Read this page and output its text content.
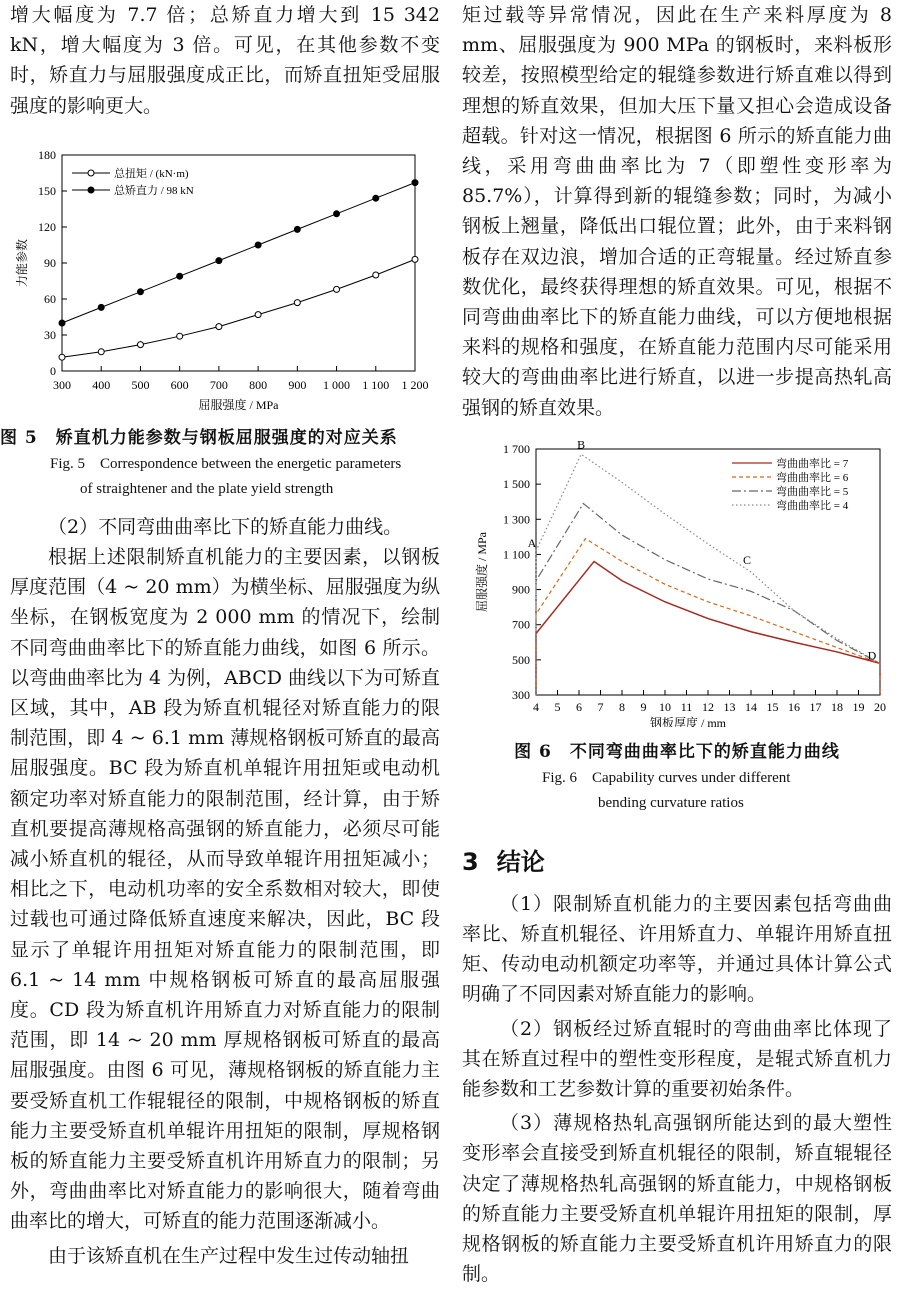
增大幅度为 7.7 倍；总矫直力增大到 15 342 kN，增大幅度为 3 倍。可见，在其他参数不变时，矫直力与屈服强度成正比，而矫直扭矩受屈服强度的影响更大。

0
30
60
90
120
150
180
300 400 500 600 700 800 900 1 000 1 100 1 200
屈服强度 / MPa
力能参数
总扭矩 / (kN·m)
总矫直力 / 98 kN
图 5　矫直机力能参数与钢板屈服强度的对应关系
Fig. 5　Correspondence between the energetic parameters
of straightener and the plate yield strength

（2）不同弯曲曲率比下的矫直能力曲线。

根据上述限制矫直机能力的主要因素，以钢板厚度范围（4 ~ 20 mm）为横坐标、屈服强度为纵坐标，在钢板宽度为 2 000 mm 的情况下，绘制不同弯曲曲率比下的矫直能力曲线，如图 6 所示。以弯曲曲率比为 4 为例，ABCD 曲线以下为可矫直区域，其中，AB 段为矫直机辊径对矫直能力的限制范围，即 4 ~ 6.1 mm 薄规格钢板可矫直的最高屈服强度。BC 段为矫直机单辊许用扭矩或电动机额定功率对矫直能力的限制范围，经计算，由于矫直机要提高薄规格高强钢的矫直能力，必须尽可能减小矫直机的辊径，从而导致单辊许用扭矩减小；相比之下，电动机功率的安全系数相对较大，即使过载也可通过降低矫直速度来解决，因此，BC 段显示了单辊许用扭矩对矫直能力的限制范围，即 6.1 ~ 14 mm 中规格钢板可矫直的最高屈服强度。CD 段为矫直机许用矫直力对矫直能力的限制范围，即 14 ~ 20 mm 厚规格钢板可矫直的最高屈服强度。由图 6 可见，薄规格钢板的矫直能力主要受矫直机工作辊辊径的限制，中规格钢板的矫直能力主要受矫直机单辊许用扭矩的限制，厚规格钢板的矫直能力主要受矫直机许用矫直力的限制；另外，弯曲曲率比对矫直能力的影响很大，随着弯曲曲率比的增大，可矫直的能力范围逐渐减小。

由于该矫直机在生产过程中发生过传动轴扭

矩过载等异常情况，因此在生产来料厚度为 8 mm、屈服强度为 900 MPa 的钢板时，来料板形较差，按照模型给定的辊缝参数进行矫直难以得到理想的矫直效果，但加大压下量又担心会造成设备超载。针对这一情况，根据图 6 所示的矫直能力曲线，采用弯曲曲率比为 7（即塑性变形率为 85.7%），计算得到新的辊缝参数；同时，为减小钢板上翘量，降低出口辊位置；此外，由于来料钢板存在双边浪，增加合适的正弯辊量。经过矫直参数优化，最终获得理想的矫直效果。可见，根据不同弯曲曲率比下的矫直能力曲线，可以方便地根据来料的规格和强度，在矫直能力范围内尽可能采用较大的弯曲曲率比进行矫直，以进一步提高热轧高强钢的矫直效果。

300
500
700
900
1 100
1 300
1 500
1 700
4 5 6 7 8 9 10 11 12 13 14 15 16 17 18 19 20
钢板厚度 / mm
屈服强度 / MPa
弯曲曲率比 = 7
弯曲曲率比 = 6
弯曲曲率比 = 5
弯曲曲率比 = 4
A
B
C
D
图 6　不同弯曲曲率比下的矫直能力曲线
Fig. 6　Capability curves under different
bending curvature ratios
3 结论

（1）限制矫直机能力的主要因素包括弯曲曲率比、矫直机辊径、许用矫直力、单辊许用矫直扭矩、传动电动机额定功率等，并通过具体计算公式明确了不同因素对矫直能力的影响。

（2）钢板经过矫直辊时的弯曲曲率比体现了其在矫直过程中的塑性变形程度，是辊式矫直机力能参数和工艺参数计算的重要初始条件。

（3）薄规格热轧高强钢所能达到的最大塑性变形率会直接受到矫直机辊径的限制，矫直辊辊径决定了薄规格热轧高强钢的矫直能力，中规格钢板的矫直能力主要受矫直机单辊许用扭矩的限制，厚规格钢板的矫直能力主要受矫直机许用矫直力的限制。
